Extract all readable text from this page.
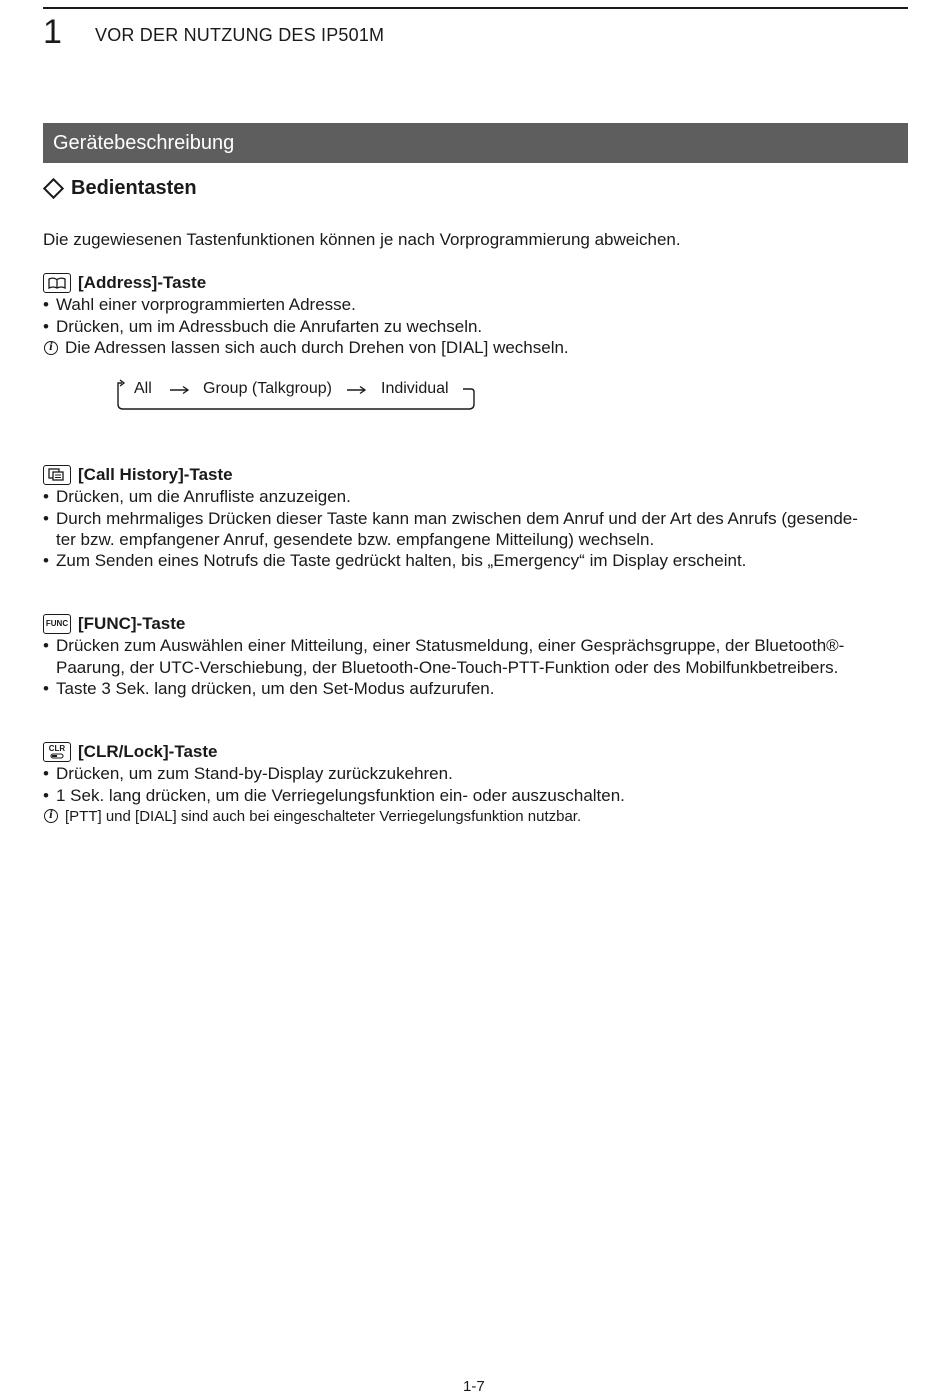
1 VOR DER NUTZUNG DES IP501M
Gerätebeschreibung
Bedientasten
Die zugewiesenen Tastenfunktionen können je nach Vorprogrammierung abweichen.
[Address]-Taste
• Wahl einer vorprogrammierten Adresse.
• Drücken, um im Adressbuch die Anrufarten zu wechseln.
i Die Adressen lassen sich auch durch Drehen von [DIAL] wechseln.
All	Group (Talkgroup)	Individual
[Call History]-Taste
• Drücken, um die Anrufliste anzuzeigen.
• Durch mehrmaliges Drücken dieser Taste kann man zwischen dem Anruf und der Art des Anrufs (gesende-
ter bzw. empfangener Anruf, gesendete bzw. empfangene Mitteilung) wechseln.
• Zum Senden eines Notrufs die Taste gedrückt halten, bis „Emergency“ im Display erscheint.
FUNC [FUNC]-Taste
• Drücken zum Auswählen einer Mitteilung, einer Statusmeldung, einer Gesprächsgruppe, der Bluetooth®-
Paarung, der UTC-Verschiebung, der Bluetooth-One-Touch-PTT-Funktion oder des Mobilfunkbetreibers.
• Taste 3 Sek. lang drücken, um den Set-Modus aufzurufen.
CLR [CLR/Lock]-Taste
• Drücken, um zum Stand-by-Display zurückzukehren.
• 1 Sek. lang drücken, um die Verriegelungsfunktion ein- oder auszuschalten.
i [PTT] und [DIAL] sind auch bei eingeschalteter Verriegelungsfunktion nutzbar.
1-7
